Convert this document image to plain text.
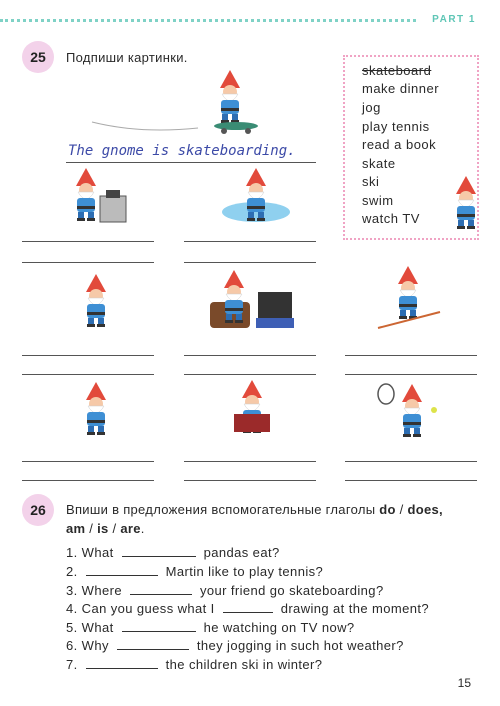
PART 1
25	Подпиши картинки.
skateboard
make dinner
jog
play tennis
read a book
skate
ski
swim
watch TV
The gnome is skateboarding.
26	Впиши в предложения вспомогательные глаголы do / does,
am / is / are.
1. What	pandas eat?
2.	Martin like to play tennis?
3. Where	your friend go skateboarding?
4. Can you guess what I	drawing at the moment?
5. What	he watching on TV now?
6. Why	they jogging in such hot weather?
7.	the children ski in winter?
15
